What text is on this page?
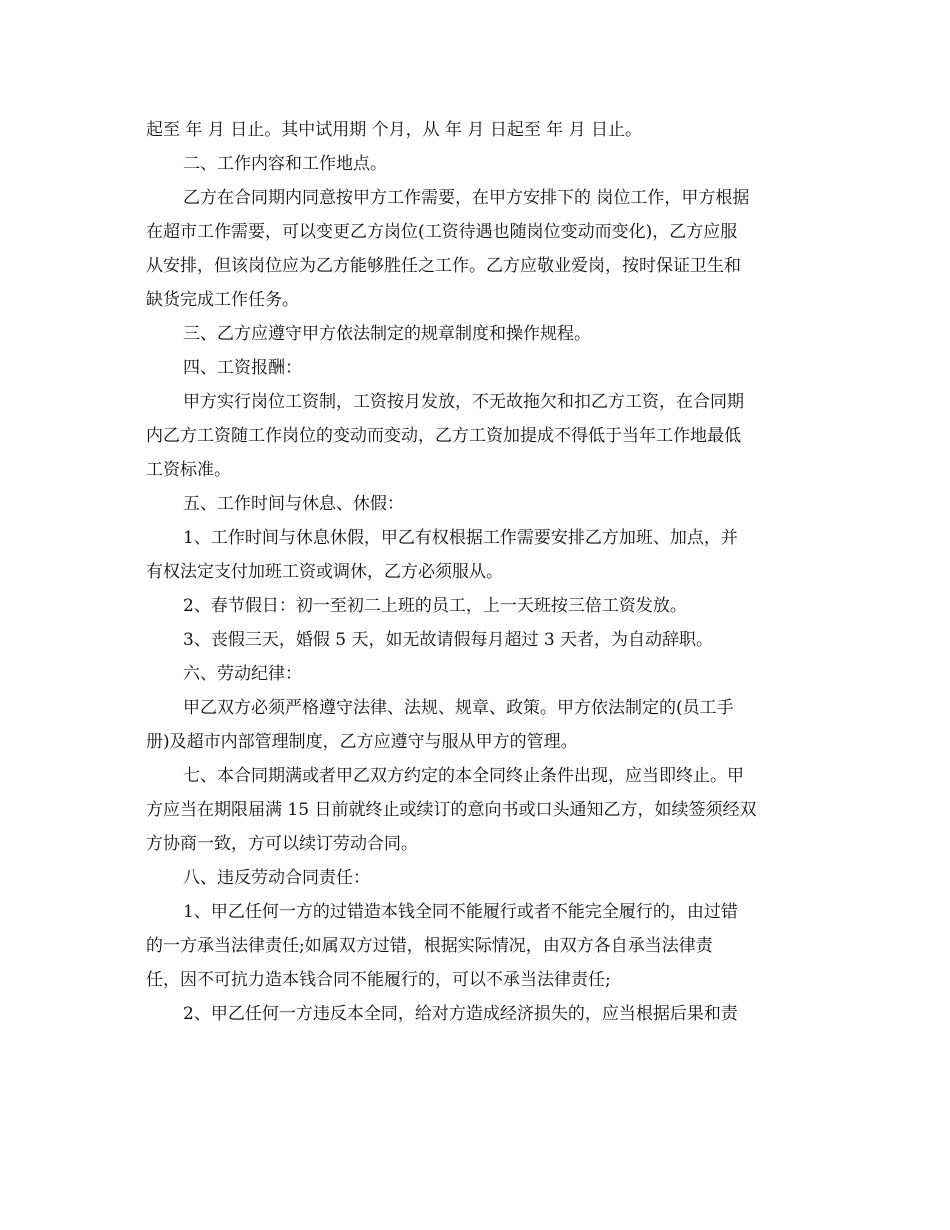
起至 年 月 日止。其中试用期 个月，从 年 月 日起至 年 月 日止。
二、工作内容和工作地点。
乙方在合同期内同意按甲方工作需要，在甲方安排下的 岗位工作，甲方根据
在超市工作需要，可以变更乙方岗位(工资待遇也随岗位变动而变化)，乙方应服
从安排，但该岗位应为乙方能够胜任之工作。乙方应敬业爱岗，按时保证卫生和
缺货完成工作任务。
三、乙方应遵守甲方依法制定的规章制度和操作规程。
四、工资报酬：
甲方实行岗位工资制，工资按月发放，不无故拖欠和扣乙方工资，在合同期
内乙方工资随工作岗位的变动而变动，乙方工资加提成不得低于当年工作地最低
工资标准。
五、工作时间与休息、休假：
1、工作时间与休息休假，甲乙有权根据工作需要安排乙方加班、加点，并
有权法定支付加班工资或调休，乙方必须服从。
2、春节假日：初一至初二上班的员工，上一天班按三倍工资发放。
3、丧假三天，婚假 5 天，如无故请假每月超过 3 天者，为自动辞职。
六、劳动纪律：
甲乙双方必须严格遵守法律、法规、规章、政策。甲方依法制定的(员工手
册)及超市内部管理制度，乙方应遵守与服从甲方的管理。
七、本合同期满或者甲乙双方约定的本全同终止条件出现，应当即终止。甲
方应当在期限届满 15 日前就终止或续订的意向书或口头通知乙方，如续签须经双
方协商一致，方可以续订劳动合同。
八、违反劳动合同责任：
1、甲乙任何一方的过错造本钱全同不能履行或者不能完全履行的，由过错
的一方承当法律责任;如属双方过错，根据实际情况，由双方各自承当法律责
任，因不可抗力造本钱合同不能履行的，可以不承当法律责任;
2、甲乙任何一方违反本全同，给对方造成经济损失的，应当根据后果和责
